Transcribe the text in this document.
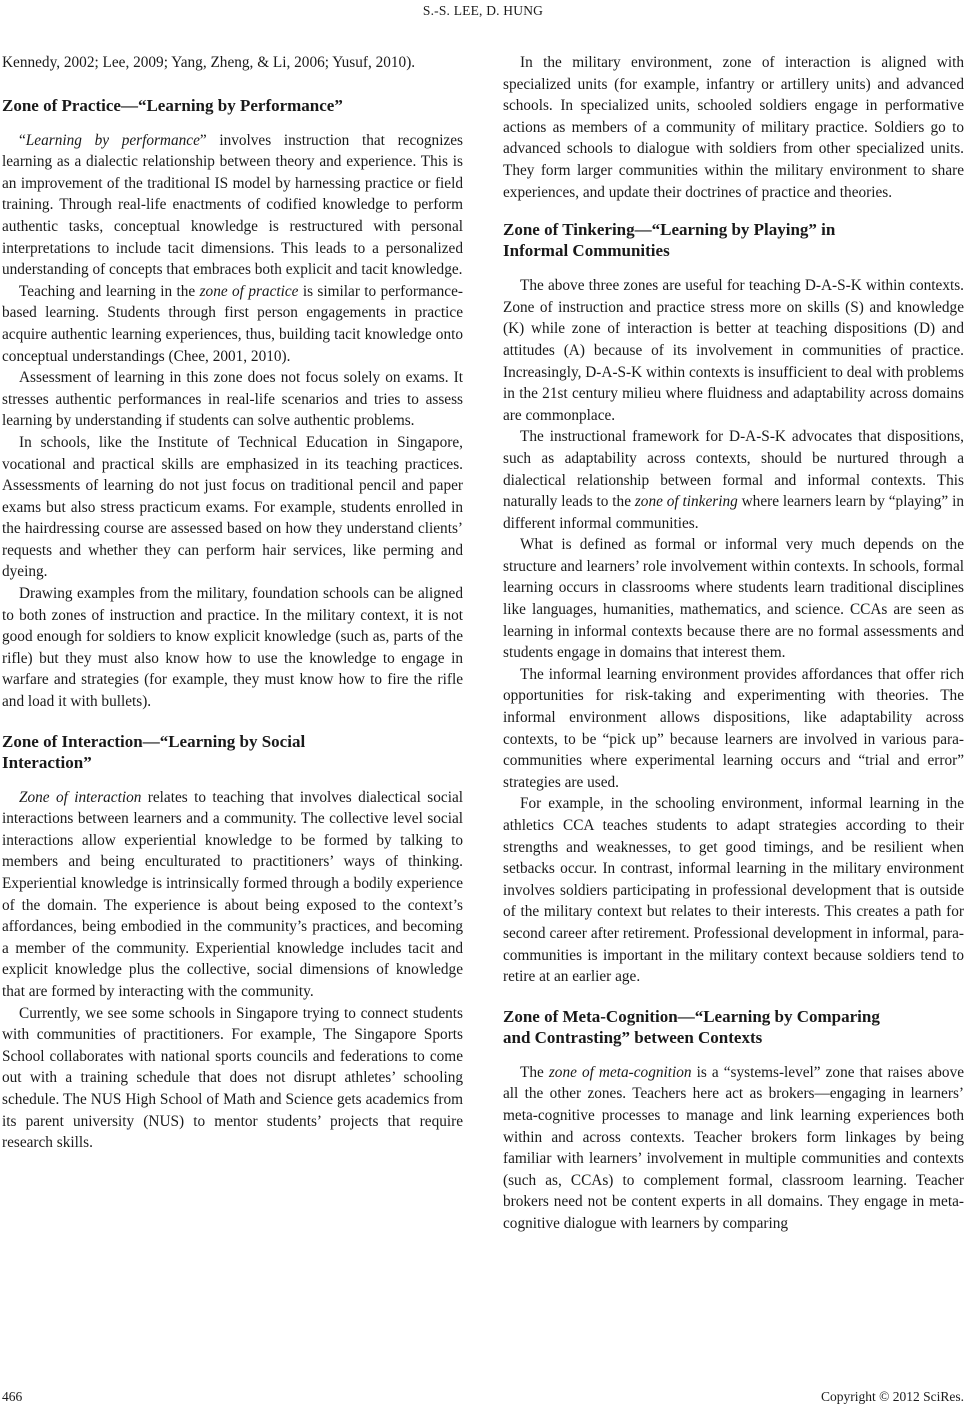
S.-S. LEE, D. HUNG

Kennedy, 2002; Lee, 2009; Yang, Zheng, & Li, 2006; Yusuf, 2010).

Zone of Practice—“Learning by Performance”

“Learning by performance” involves instruction that recognizes learning as a dialectic relationship between theory and experience. This is an improvement of the traditional IS model by harnessing practice or field training. Through real-life enactments of codified knowledge to perform authentic tasks, conceptual knowledge is restructured with personal interpretations to include tacit dimensions. This leads to a personalized understanding of concepts that embraces both explicit and tacit knowledge.

Teaching and learning in the zone of practice is similar to performance-based learning. Students through first person engagements in practice acquire authentic learning experiences, thus, building tacit knowledge onto conceptual understandings (Chee, 2001, 2010).

Assessment of learning in this zone does not focus solely on exams. It stresses authentic performances in real-life scenarios and tries to assess learning by understanding if students can solve authentic problems.

In schools, like the Institute of Technical Education in Singapore, vocational and practical skills are emphasized in its teaching practices. Assessments of learning do not just focus on traditional pencil and paper exams but also stress practicum exams. For example, students enrolled in the hairdressing course are assessed based on how they understand clients’ requests and whether they can perform hair services, like perming and dyeing.

Drawing examples from the military, foundation schools can be aligned to both zones of instruction and practice. In the military context, it is not good enough for soldiers to know explicit knowledge (such as, parts of the rifle) but they must also know how to use the knowledge to engage in warfare and strategies (for example, they must know how to fire the rifle and load it with bullets).

Zone of Interaction—“Learning by Social
Interaction”

Zone of interaction relates to teaching that involves dialectical social interactions between learners and a community. The collective level social interactions allow experiential knowledge to be formed by talking to members and being enculturated to practitioners’ ways of thinking. Experiential knowledge is intrinsically formed through a bodily experience of the domain. The experience is about being exposed to the context’s affordances, being embodied in the community’s practices, and becoming a member of the community. Experiential knowledge includes tacit and explicit knowledge plus the collective, social dimensions of knowledge that are formed by interacting with the community.

Currently, we see some schools in Singapore trying to connect students with communities of practitioners. For example, The Singapore Sports School collaborates with national sports councils and federations to come out with a training schedule that does not disrupt athletes’ schooling schedule. The NUS High School of Math and Science gets academics from its parent university (NUS) to mentor students’ projects that require research skills.

In the military environment, zone of interaction is aligned with specialized units (for example, infantry or artillery units) and advanced schools. In specialized units, schooled soldiers engage in performative actions as members of a community of military practice. Soldiers go to advanced schools to dialogue with soldiers from other specialized units. They form larger communities within the military environment to share experiences, and update their doctrines of practice and theories.

Zone of Tinkering—“Learning by Playing” in
Informal Communities

The above three zones are useful for teaching D-A-S-K within contexts. Zone of instruction and practice stress more on skills (S) and knowledge (K) while zone of interaction is better at teaching dispositions (D) and attitudes (A) because of its involvement in communities of practice. Increasingly, D-A-S-K within contexts is insufficient to deal with problems in the 21st century milieu where fluidness and adaptability across domains are commonplace.

The instructional framework for D-A-S-K advocates that dispositions, such as adaptability across contexts, should be nurtured through a dialectical relationship between formal and informal contexts. This naturally leads to the zone of tinkering where learners learn by “playing” in different informal communities.

What is defined as formal or informal very much depends on the structure and learners’ role involvement within contexts. In schools, formal learning occurs in classrooms where students learn traditional disciplines like languages, humanities, mathematics, and science. CCAs are seen as learning in informal contexts because there are no formal assessments and students engage in domains that interest them.

The informal learning environment provides affordances that offer rich opportunities for risk-taking and experimenting with theories. The informal environment allows dispositions, like adaptability across contexts, to be “pick up” because learners are involved in various para-communities where experimental learning occurs and “trial and error” strategies are used.

For example, in the schooling environment, informal learning in the athletics CCA teaches students to adapt strategies according to their strengths and weaknesses, to get good timings, and be resilient when setbacks occur. In contrast, informal learning in the military environment involves soldiers participating in professional development that is outside of the military context but relates to their interests. This creates a path for second career after retirement. Professional development in informal, para-communities is important in the military context because soldiers tend to retire at an earlier age.

Zone of Meta-Cognition—“Learning by Comparing
and Contrasting” between Contexts

The zone of meta-cognition is a “systems-level” zone that raises above all the other zones. Teachers here act as brokers—engaging in learners’ meta-cognitive processes to manage and link learning experiences both within and across contexts. Teacher brokers form linkages by being familiar with learners’ involvement in multiple communities and contexts (such as, CCAs) to complement formal, classroom learning. Teacher brokers need not be content experts in all domains. They engage in meta-cognitive dialogue with learners by comparing

466	Copyright © 2012 SciRes.
